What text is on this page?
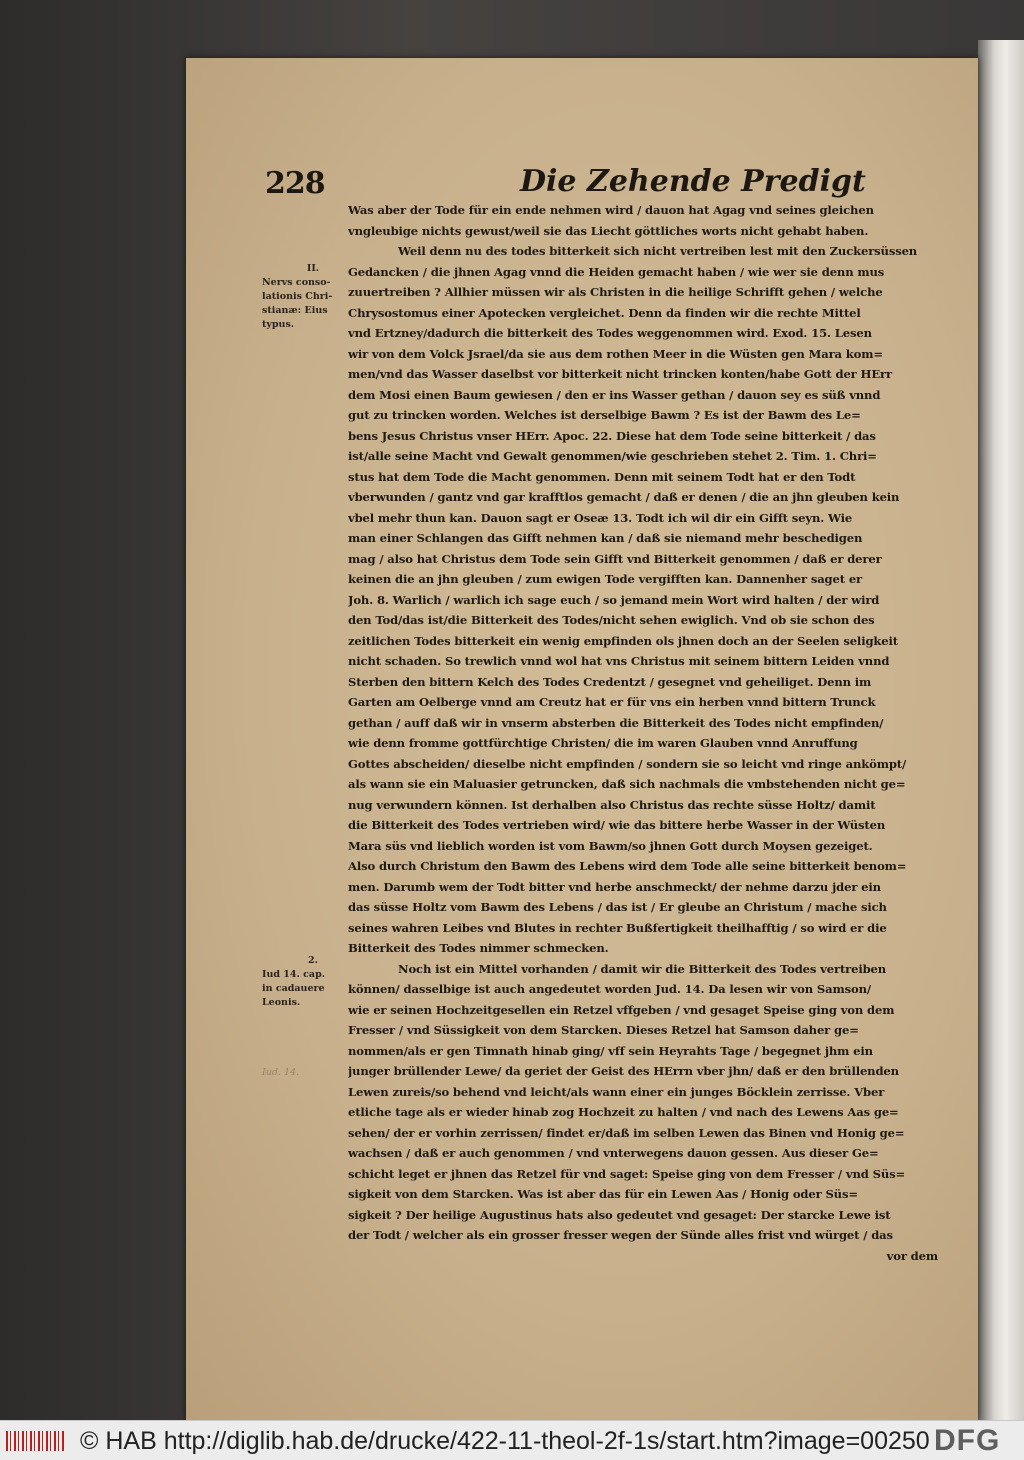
228	Die Zehende Predigt
II.
Nervs conso-
lationis Chri-
stianæ: Eius
typus.
2.
Iud 14. cap.
in cadauere
Leonis.
Iud. 14.
Was aber der Tode für ein ende nehmen wird / dauon hat Agag vnd seines gleichen
vngleubige nichts gewust/weil sie das Liecht göttliches worts nicht gehabt haben.
Weil denn nu des todes bitterkeit sich nicht vertreiben lest mit den Zuckersüssen
Gedancken / die jhnen Agag vnnd die Heiden gemacht haben / wie wer sie denn mus
zuuertreiben ? Allhier müssen wir als Christen in die heilige Schrifft gehen / welche
Chrysostomus einer Apotecken vergleichet. Denn da finden wir die rechte Mittel
vnd Ertzney/dadurch die bitterkeit des Todes weggenommen wird. Exod. 15. Lesen
wir von dem Volck Jsrael/da sie aus dem rothen Meer in die Wüsten gen Mara kom=
men/vnd das Wasser daselbst vor bitterkeit nicht trincken konten/habe Gott der HErr
dem Mosi einen Baum gewiesen / den er ins Wasser gethan / dauon sey es süß vnnd
gut zu trincken worden. Welches ist derselbige Bawm ? Es ist der Bawm des Le=
bens Jesus Christus vnser HErr. Apoc. 22. Diese hat dem Tode seine bitterkeit / das
ist/alle seine Macht vnd Gewalt genommen/wie geschrieben stehet 2. Tim. 1. Chri=
stus hat dem Tode die Macht genommen. Denn mit seinem Todt hat er den Todt
vberwunden / gantz vnd gar krafftlos gemacht / daß er denen / die an jhn gleuben kein
vbel mehr thun kan. Dauon sagt er Oseæ 13. Todt ich wil dir ein Gifft seyn. Wie
man einer Schlangen das Gifft nehmen kan / daß sie niemand mehr beschedigen
mag / also hat Christus dem Tode sein Gifft vnd Bitterkeit genommen / daß er derer
keinen die an jhn gleuben / zum ewigen Tode vergifften kan. Dannenher saget er
Joh. 8. Warlich / warlich ich sage euch / so jemand mein Wort wird halten / der wird
den Tod/das ist/die Bitterkeit des Todes/nicht sehen ewiglich. Vnd ob sie schon des
zeitlichen Todes bitterkeit ein wenig empfinden ols jhnen doch an der Seelen seligkeit
nicht schaden. So trewlich vnnd wol hat vns Christus mit seinem bittern Leiden vnnd
Sterben den bittern Kelch des Todes Credentzt / gesegnet vnd geheiliget. Denn im
Garten am Oelberge vnnd am Creutz hat er für vns ein herben vnnd bittern Trunck
gethan / auff daß wir in vnserm absterben die Bitterkeit des Todes nicht empfinden/
wie denn fromme gottfürchtige Christen/ die im waren Glauben vnnd Anruffung
Gottes abscheiden/ dieselbe nicht empfinden / sondern sie so leicht vnd ringe ankömpt/
als wann sie ein Maluasier getruncken, daß sich nachmals die vmbstehenden nicht ge=
nug verwundern können. Ist derhalben also Christus das rechte süsse Holtz/ damit
die Bitterkeit des Todes vertrieben wird/ wie das bittere herbe Wasser in der Wüsten
Mara süs vnd lieblich worden ist vom Bawm/so jhnen Gott durch Moysen gezeiget.
Also durch Christum den Bawm des Lebens wird dem Tode alle seine bitterkeit benom=
men. Darumb wem der Todt bitter vnd herbe anschmeckt/ der nehme darzu jder ein
das süsse Holtz vom Bawm des Lebens / das ist / Er gleube an Christum / mache sich
seines wahren Leibes vnd Blutes in rechter Bußfertigkeit theilhafftig / so wird er die
Bitterkeit des Todes nimmer schmecken.
Noch ist ein Mittel vorhanden / damit wir die Bitterkeit des Todes vertreiben
können/ dasselbige ist auch angedeutet worden Jud. 14. Da lesen wir von Samson/
wie er seinen Hochzeitgesellen ein Retzel vffgeben / vnd gesaget Speise ging von dem
Fresser / vnd Süssigkeit von dem Starcken. Dieses Retzel hat Samson daher ge=
nommen/als er gen Timnath hinab ging/ vff sein Heyrahts Tage / begegnet jhm ein
junger brüllender Lewe/ da geriet der Geist des HErrn vber jhn/ daß er den brüllenden
Lewen zureis/so behend vnd leicht/als wann einer ein junges Böcklein zerrisse. Vber
etliche tage als er wieder hinab zog Hochzeit zu halten / vnd nach des Lewens Aas ge=
sehen/ der er vorhin zerrissen/ findet er/daß im selben Lewen das Binen vnd Honig ge=
wachsen / daß er auch genommen / vnd vnterwegens dauon gessen. Aus dieser Ge=
schicht leget er jhnen das Retzel für vnd saget: Speise ging von dem Fresser / vnd Süs=
sigkeit von dem Starcken. Was ist aber das für ein Lewen Aas / Honig oder Süs=
sigkeit ? Der heilige Augustinus hats also gedeutet vnd gesaget: Der starcke Lewe ist
der Todt / welcher als ein grosser fresser wegen der Sünde alles frist vnd würget / das
vor dem
© HAB http://diglib.hab.de/drucke/422-11-theol-2f-1s/start.htm?image=00250 DFG
